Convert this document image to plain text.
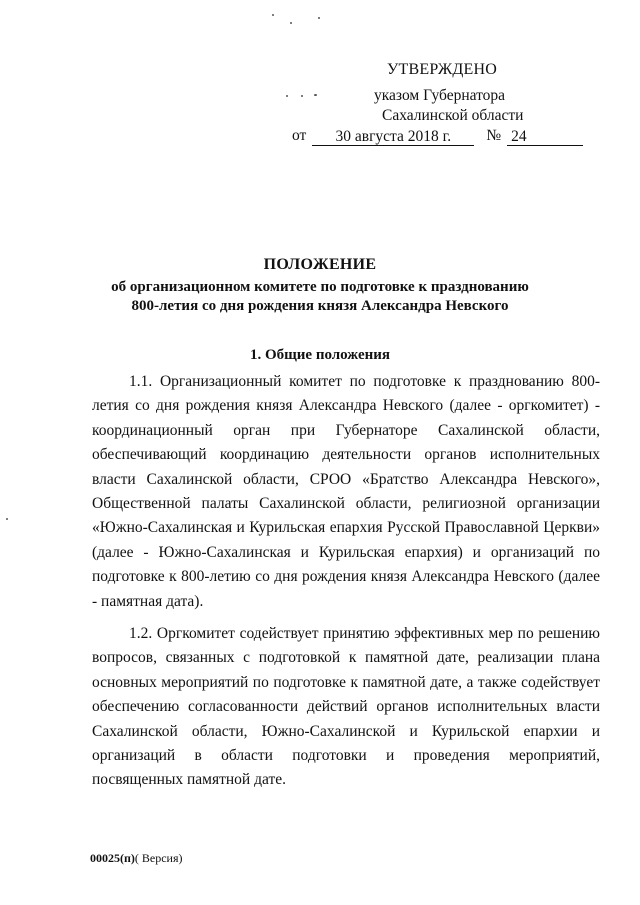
УТВЕРЖДЕНО
указом Губернатора
Сахалинской области
от	30 августа 2018 г.	№ 24
ПОЛОЖЕНИЕ
об организационном комитете по подготовке к празднованию
800-летия со дня рождения князя Александра Невского
1. Общие положения

1.1. Организационный комитет по подготовке к празднованию 800-летия со дня рождения князя Александра Невского (далее - оргкомитет) - координационный орган при Губернаторе Сахалинской области, обеспечивающий координацию деятельности органов исполнительных власти Сахалинской области, СРОО «Братство Александра Невского», Общественной палаты Сахалинской области, религиозной организации «Южно-Сахалинская и Курильская епархия Русской Православной Церкви» (далее - Южно-Сахалинская и Курильская епархия) и организаций по подготовке к 800-летию со дня рождения князя Александра Невского (далее - памятная дата).

1.2. Оргкомитет содействует принятию эффективных мер по решению вопросов, связанных с подготовкой к памятной дате, реализации плана основных мероприятий по подготовке к памятной дате, а также содействует обеспечению согласованности действий органов исполнительных власти Сахалинской области, Южно-Сахалинской и Курильской епархии и организаций в области подготовки и проведения мероприятий, посвященных памятной дате.

00025(п)( Версия)
